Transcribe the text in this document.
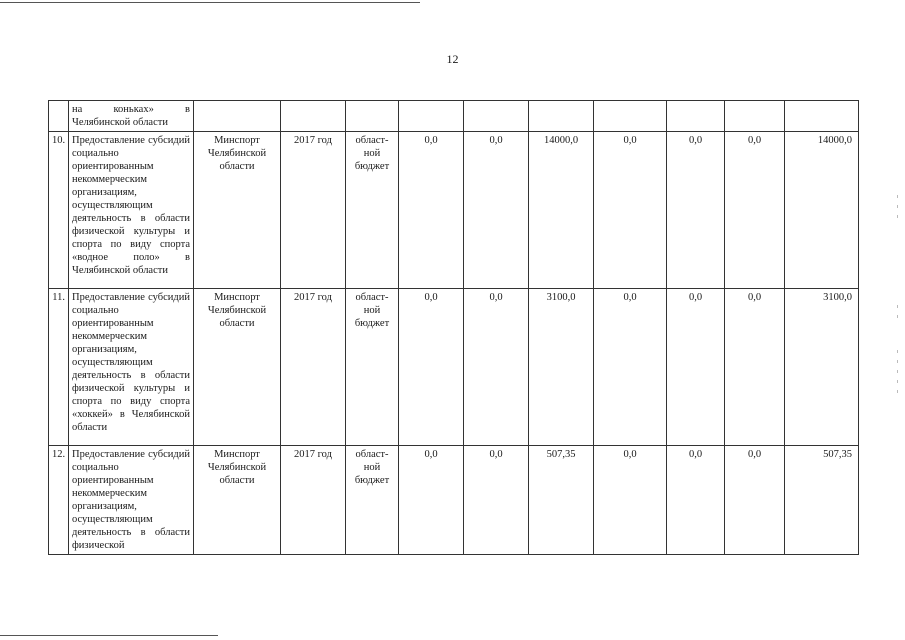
12
	на коньках» в Челябинской области										
10.	Предоставление субсидий социально ориентированным некоммерческим организациям, осуществляющим деятельность в области физической культуры и спорта по виду спорта «водное поло» в Челябинской области	Минспорт Челябинской области	2017 год	област-ной бюджет	0,0	0,0	14000,0	0,0	0,0	0,0	14000,0
11.	Предоставление субсидий социально ориентированным некоммерческим организациям, осуществляющим деятельность в области физической культуры и спорта по виду спорта «хоккей» в Челябинской области	Минспорт Челябинской области	2017 год	област-ной бюджет	0,0	0,0	3100,0	0,0	0,0	0,0	3100,0
12.	Предоставление субсидий социально ориентированным некоммерческим организациям, осуществляющим деятельность в области физической	Минспорт Челябинской области	2017 год	област-ной бюджет	0,0	0,0	507,35	0,0	0,0	0,0	507,35
